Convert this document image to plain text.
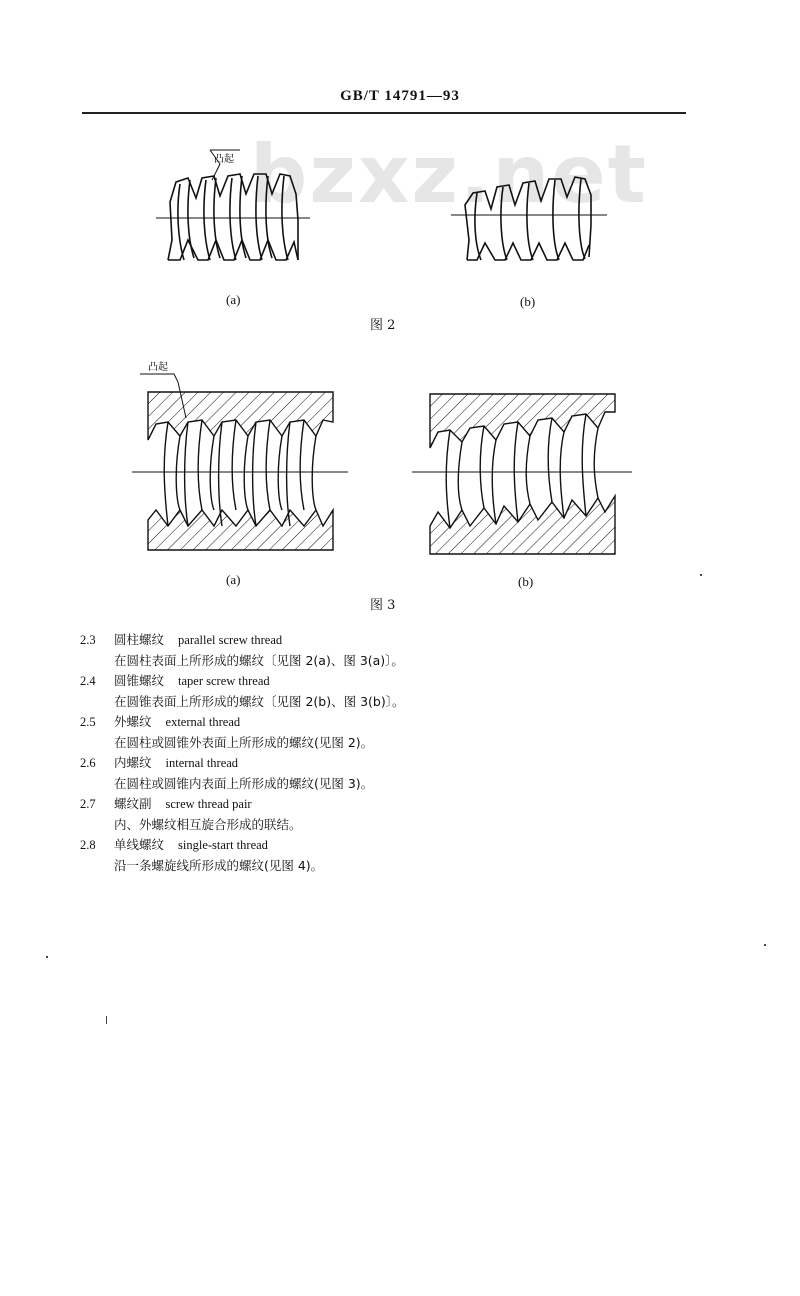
GB/T 14791—93
bzxz.net
凸起
(a)	(b)
图 2
凸起
(a)	(b)
图 3
2.3 圆柱螺纹 parallel screw thread
在圆柱表面上所形成的螺纹〔见图 2(a)、图 3(a)〕。
2.4 圆锥螺纹 taper screw thread
在圆锥表面上所形成的螺纹〔见图 2(b)、图 3(b)〕。
2.5 外螺纹 external thread
在圆柱或圆锥外表面上所形成的螺纹(见图 2)。
2.6 内螺纹 internal thread
在圆柱或圆锥内表面上所形成的螺纹(见图 3)。
2.7 螺纹副 screw thread pair
内、外螺纹相互旋合形成的联结。
2.8 单线螺纹 single-start thread
沿一条螺旋线所形成的螺纹(见图 4)。
